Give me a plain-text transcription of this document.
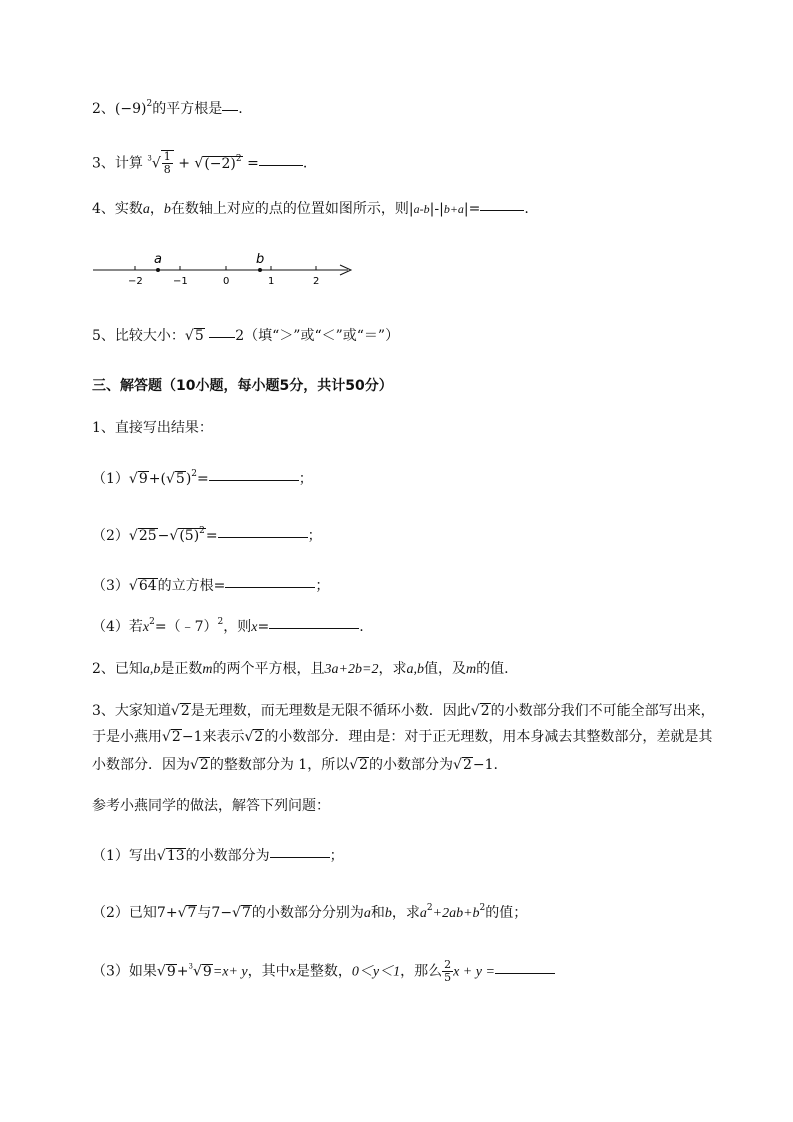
2、$(-9)^2$的平方根是 .
3、计算 $^3√ \frac{1}{8} + √(-2)^2$ =	.
4、实数a，b在数轴上对应的点的位置如图所示，则|a-b|-|b+a|=	.
a	b
−2	−1	0	1	2
5、比较大小：√5 2（填“＞”或“＜”或“＝”）
三、解答题（10小题，每小题5分，共计50分）
1、直接写出结果：
$(1)√9+(√5)^2=$	；
$(2)√25-√(5)^2=$	；
（3）√64的立方根=	；
（4）若$x^2=(﹣7)^2$，则x=	.
2、已知a,b是正数m的两个平方根，且3a+2b=2，求a,b值，及m的值.
3、大家知道√2是无理数，而无理数是无限不循环小数．因此√2的小数部分我们不可能全部写出来，
于是小燕用√2−1来表示√2的小数部分．理由是：对于正无理数，用本身减去其整数部分，差就是其
小数部分．因为√2的整数部分为 1，所以√2的小数部分为√2−1.
参考小燕同学的做法，解答下列问题：
（1）写出√13的小数部分为	；
（2）已知7+√7与7−√7的小数部分分别为a和b，求$a^2+2ab+b^2$的值；
（3）如果√9+$^3$√9=x+ y，其中x是整数，0＜y＜1，那么 $\frac{2}{5}$ x + y =
